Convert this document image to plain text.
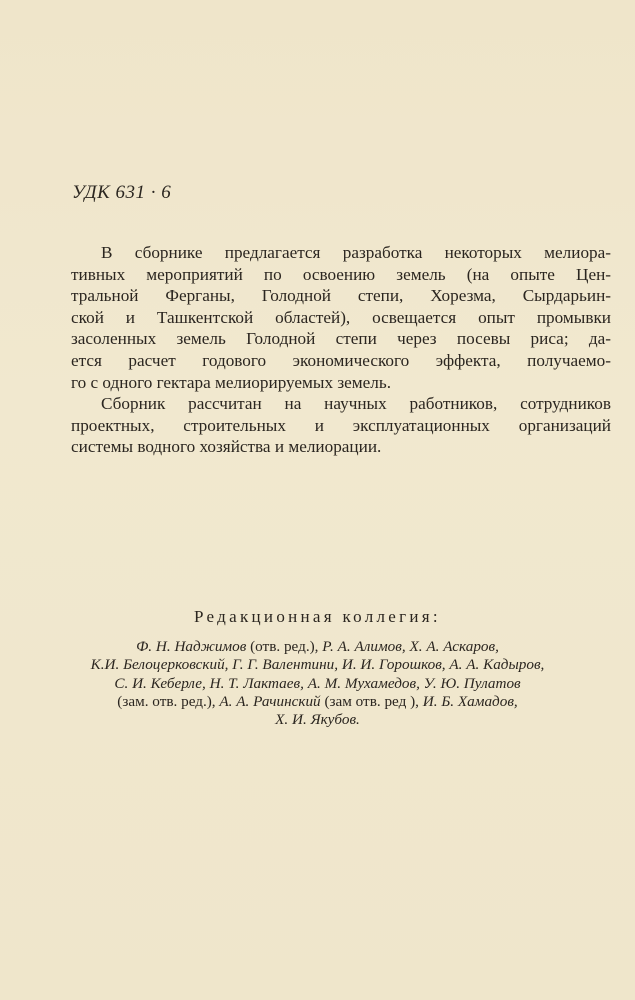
УДК 631 · 6
В сборнике предлагается разработка некоторых мелиора-
тивных мероприятий по освоению земель (на опыте Цен-
тральной Ферганы, Голодной степи, Хорезма, Сырдарьин-
ской и Ташкентской областей), освещается опыт промывки
засоленных земель Голодной степи через посевы риса; да-
ется расчет годового экономического эффекта, получаемо-
го с одного гектара мелиорируемых земель.
Сборник рассчитан на научных работников, сотрудников
проектных, строительных и эксплуатационных организаций
системы водного хозяйства и мелиорации.
Редакционная коллегия:
Ф. Н. Наджимов (отв. ред.), Р. А. Алимов, Х. А. Аскаров,
К.И. Белоцерковский, Г. Г. Валентини, И. И. Горошков, А. А. Кадыров,
С. И. Кеберле, Н. Т. Лактаев, А. М. Мухамедов, У. Ю. Пулатов
(зам. отв. ред.), А. А. Рачинский (зам отв. ред ), И. Б. Хамадов,
Х. И. Якубов.
